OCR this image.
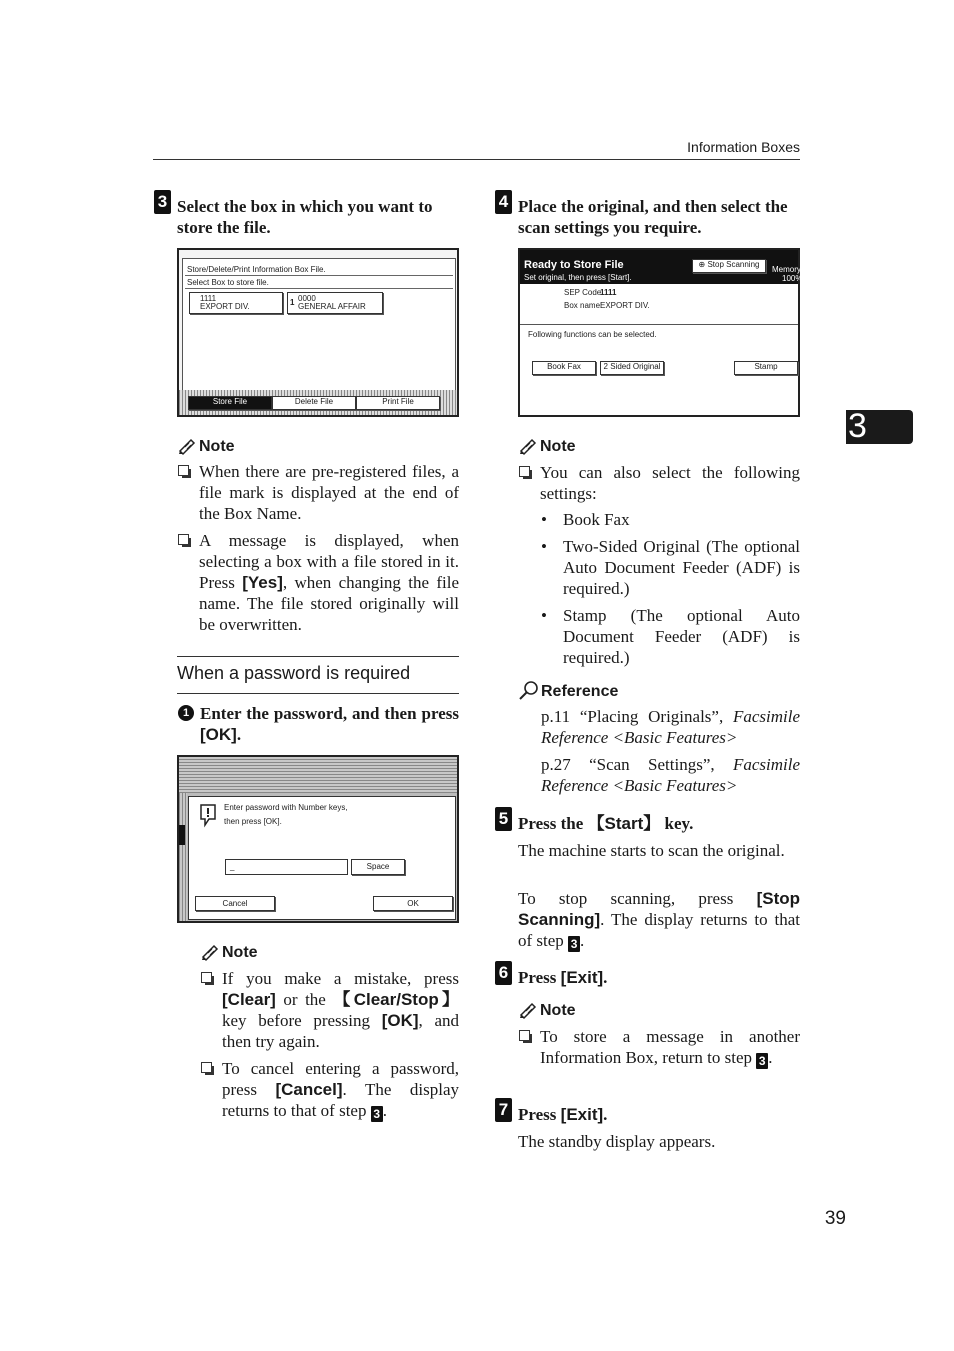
Information Boxes
3
3 Select the box in which you want to store the file.
Store/Delete/Print Information Box File.
Select Box to store file.
1111
EXPORT DIV.	1 0000
GENERAL AFFAIR
Store File	Delete File	Print File
Note
When there are pre-registered files, a file mark is displayed at the end of the Box Name.
A message is displayed, when selecting a box with a file stored in it. Press [Yes], when changing the file name. The file stored originally will be overwritten.
When a password is required
1 Enter the password, and then press [OK].
Enter password with Number keys,
then press [OK].
_	Space
Cancel	OK
Note
If you make a mistake, press [Clear] or the 【Clear/Stop】 key before pressing [OK], and then try again.
To cancel entering a password, press [Cancel]. The display returns to that of step 3 .
4 Place the original, and then select the scan settings you require.
Ready to Store File
Set original, then press [Start].
⊕ Stop Scanning
Memory
100%
SEP Code:
1111
Box name:
EXPORT DIV.
Following functions can be selected.
Book Fax	2 Sided Original	Stamp
Note
You can also select the following settings:
• Book Fax
• Two-Sided Original (The optional Auto Document Feeder (ADF) is required.)
• Stamp (The optional Auto Document Feeder (ADF) is required.)
Reference
p.11 “Placing Originals”, Facsimile Reference <Basic Features>
p.27 “Scan Settings”, Facsimile Reference <Basic Features>
5 Press the 【Start】 key.
The machine starts to scan the original.
To stop scanning, press [Stop Scanning]. The display returns to that of step 3 .
6 Press [Exit].
Note
To store a message in another Information Box, return to step 3 .
7 Press [Exit].
The standby display appears.
39
